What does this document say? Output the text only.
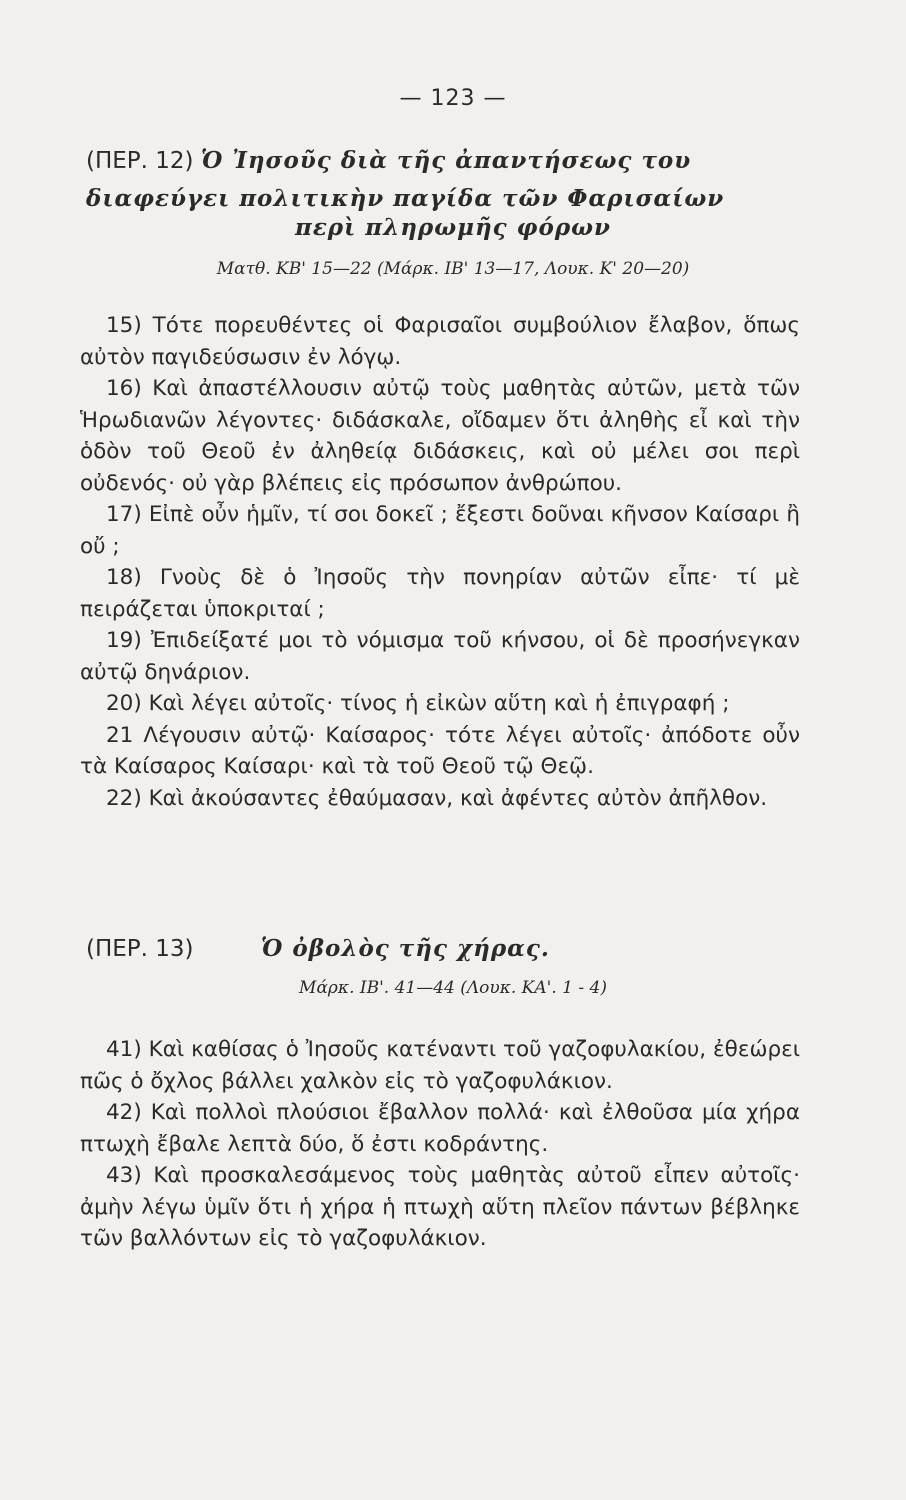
— 123 —
(ΠΕΡ. 12) Ὁ Ἰησοῦς διὰ τῆς ἀπαντήσεως του διαφεύγει πολιτικὴν παγίδα τῶν Φαρισαίων
περὶ πληρωμῆς φόρων
Ματθ. ΚΒ' 15—22 (Μάρκ. ΙΒ' 13—17, Λουκ. Κ' 20—20)

15) Τότε πορευθέντες οἱ Φαρισαῖοι συμβούλιον ἔλαβον, ὅπως αὐτὸν παγιδεύσωσιν ἐν λόγῳ.

16) Καὶ ἀπαστέλλουσιν αὐτῷ τοὺς μαθητὰς αὐτῶν, μετὰ τῶν Ἡρωδιανῶν λέγοντες· διδάσκαλε, οἴδαμεν ὅτι ἀληθὴς εἶ καὶ τὴν ὁδὸν τοῦ Θεοῦ ἐν ἀληθείᾳ διδάσκεις, καὶ οὐ μέλει σοι περὶ οὐδενός· οὐ γὰρ βλέπεις εἰς πρόσωπον ἀνθρώπου.

17) Εἰπὲ οὖν ἡμῖν, τί σοι δοκεῖ ; ἔξεστι δοῦναι κῆνσον Καίσαρι ἢ οὔ ;

18) Γνοὺς δὲ ὁ Ἰησοῦς τὴν πονηρίαν αὐτῶν εἶπε· τί μὲ πειράζεται ὑποκριταί ;

19) Ἐπιδείξατέ μοι τὸ νόμισμα τοῦ κήνσου, οἱ δὲ προσήνεγκαν αὐτῷ δηνάριον.

20) Καὶ λέγει αὐτοῖς· τίνος ἡ εἰκὼν αὕτη καὶ ἡ ἐπιγραφή ;

21 Λέγουσιν αὐτῷ· Καίσαρος· τότε λέγει αὐτοῖς· ἀπόδοτε οὖν τὰ Καίσαρος Καίσαρι· καὶ τὰ τοῦ Θεοῦ τῷ Θεῷ.

22) Καὶ ἀκούσαντες ἐθαύμασαν, καὶ ἀφέντες αὐτὸν ἀπῆλθον.

(ΠΕΡ. 13)	Ὁ ὀβολὸς τῆς χήρας.
Μάρκ. ΙΒ'. 41—44 (Λουκ. ΚΑ'. 1 - 4)

41) Καὶ καθίσας ὁ Ἰησοῦς κατέναντι τοῦ γαζοφυλακίου, ἐθεώρει πῶς ὁ ὄχλος βάλλει χαλκὸν εἰς τὸ γαζοφυλάκιον.

42) Καὶ πολλοὶ πλούσιοι ἔβαλλον πολλά· καὶ ἐλθοῦσα μία χήρα πτωχὴ ἔβαλε λεπτὰ δύο, ὅ ἐστι κοδράντης.

43) Καὶ προσκαλεσάμενος τοὺς μαθητὰς αὐτοῦ εἶπεν αὐτοῖς· ἀμὴν λέγω ὑμῖν ὅτι ἡ χήρα ἡ πτωχὴ αὕτη πλεῖον πάντων βέβληκε τῶν βαλλόντων εἰς τὸ γαζοφυλάκιον.
